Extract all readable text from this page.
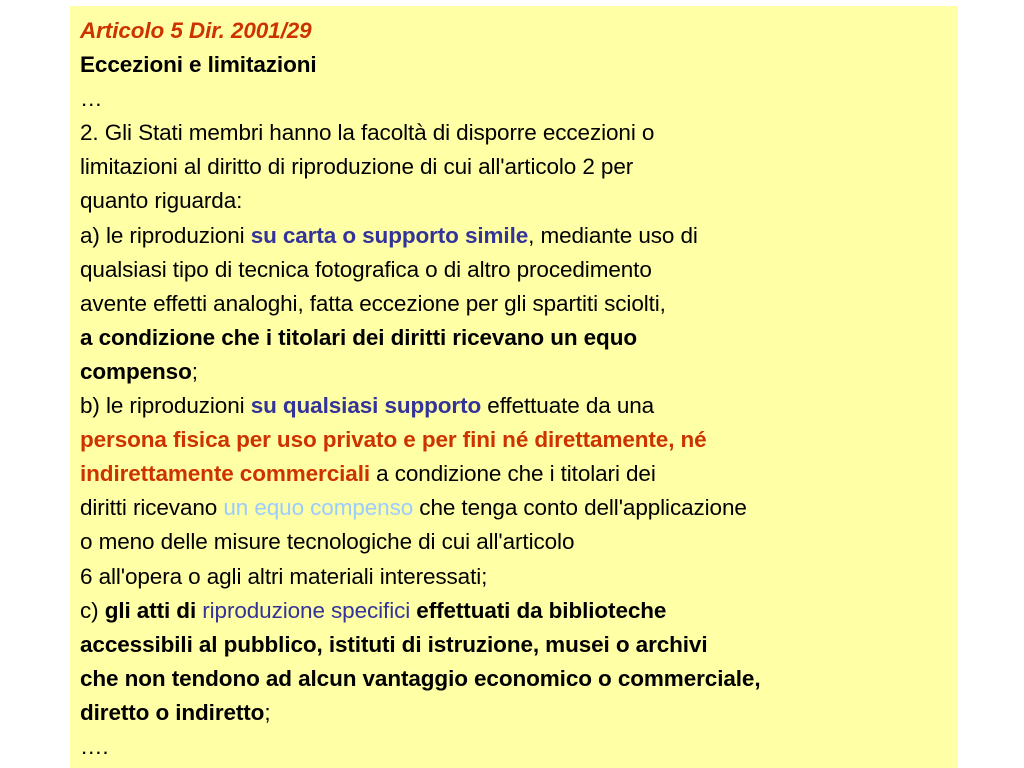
Articolo 5 Dir. 2001/29
Eccezioni e limitazioni
…
2. Gli Stati membri hanno la facoltà di disporre eccezioni o
limitazioni al diritto di riproduzione di cui all'articolo 2 per
quanto riguarda:
a) le riproduzioni su carta o supporto simile, mediante uso di
qualsiasi tipo di tecnica fotografica o di altro procedimento
avente effetti analoghi, fatta eccezione per gli spartiti sciolti,
a condizione che i titolari dei diritti ricevano un equo
compenso;
b) le riproduzioni su qualsiasi supporto effettuate da una
persona fisica per uso privato e per fini né direttamente, né
indirettamente commerciali a condizione che i titolari dei
diritti ricevano un equo compenso che tenga conto dell'applicazione
o meno delle misure tecnologiche di cui all'articolo
6 all'opera o agli altri materiali interessati;
c) gli atti di riproduzione specifici effettuati da biblioteche
accessibili al pubblico, istituti di istruzione, musei o archivi
che non tendono ad alcun vantaggio economico o commerciale,
diretto o indiretto;
….
